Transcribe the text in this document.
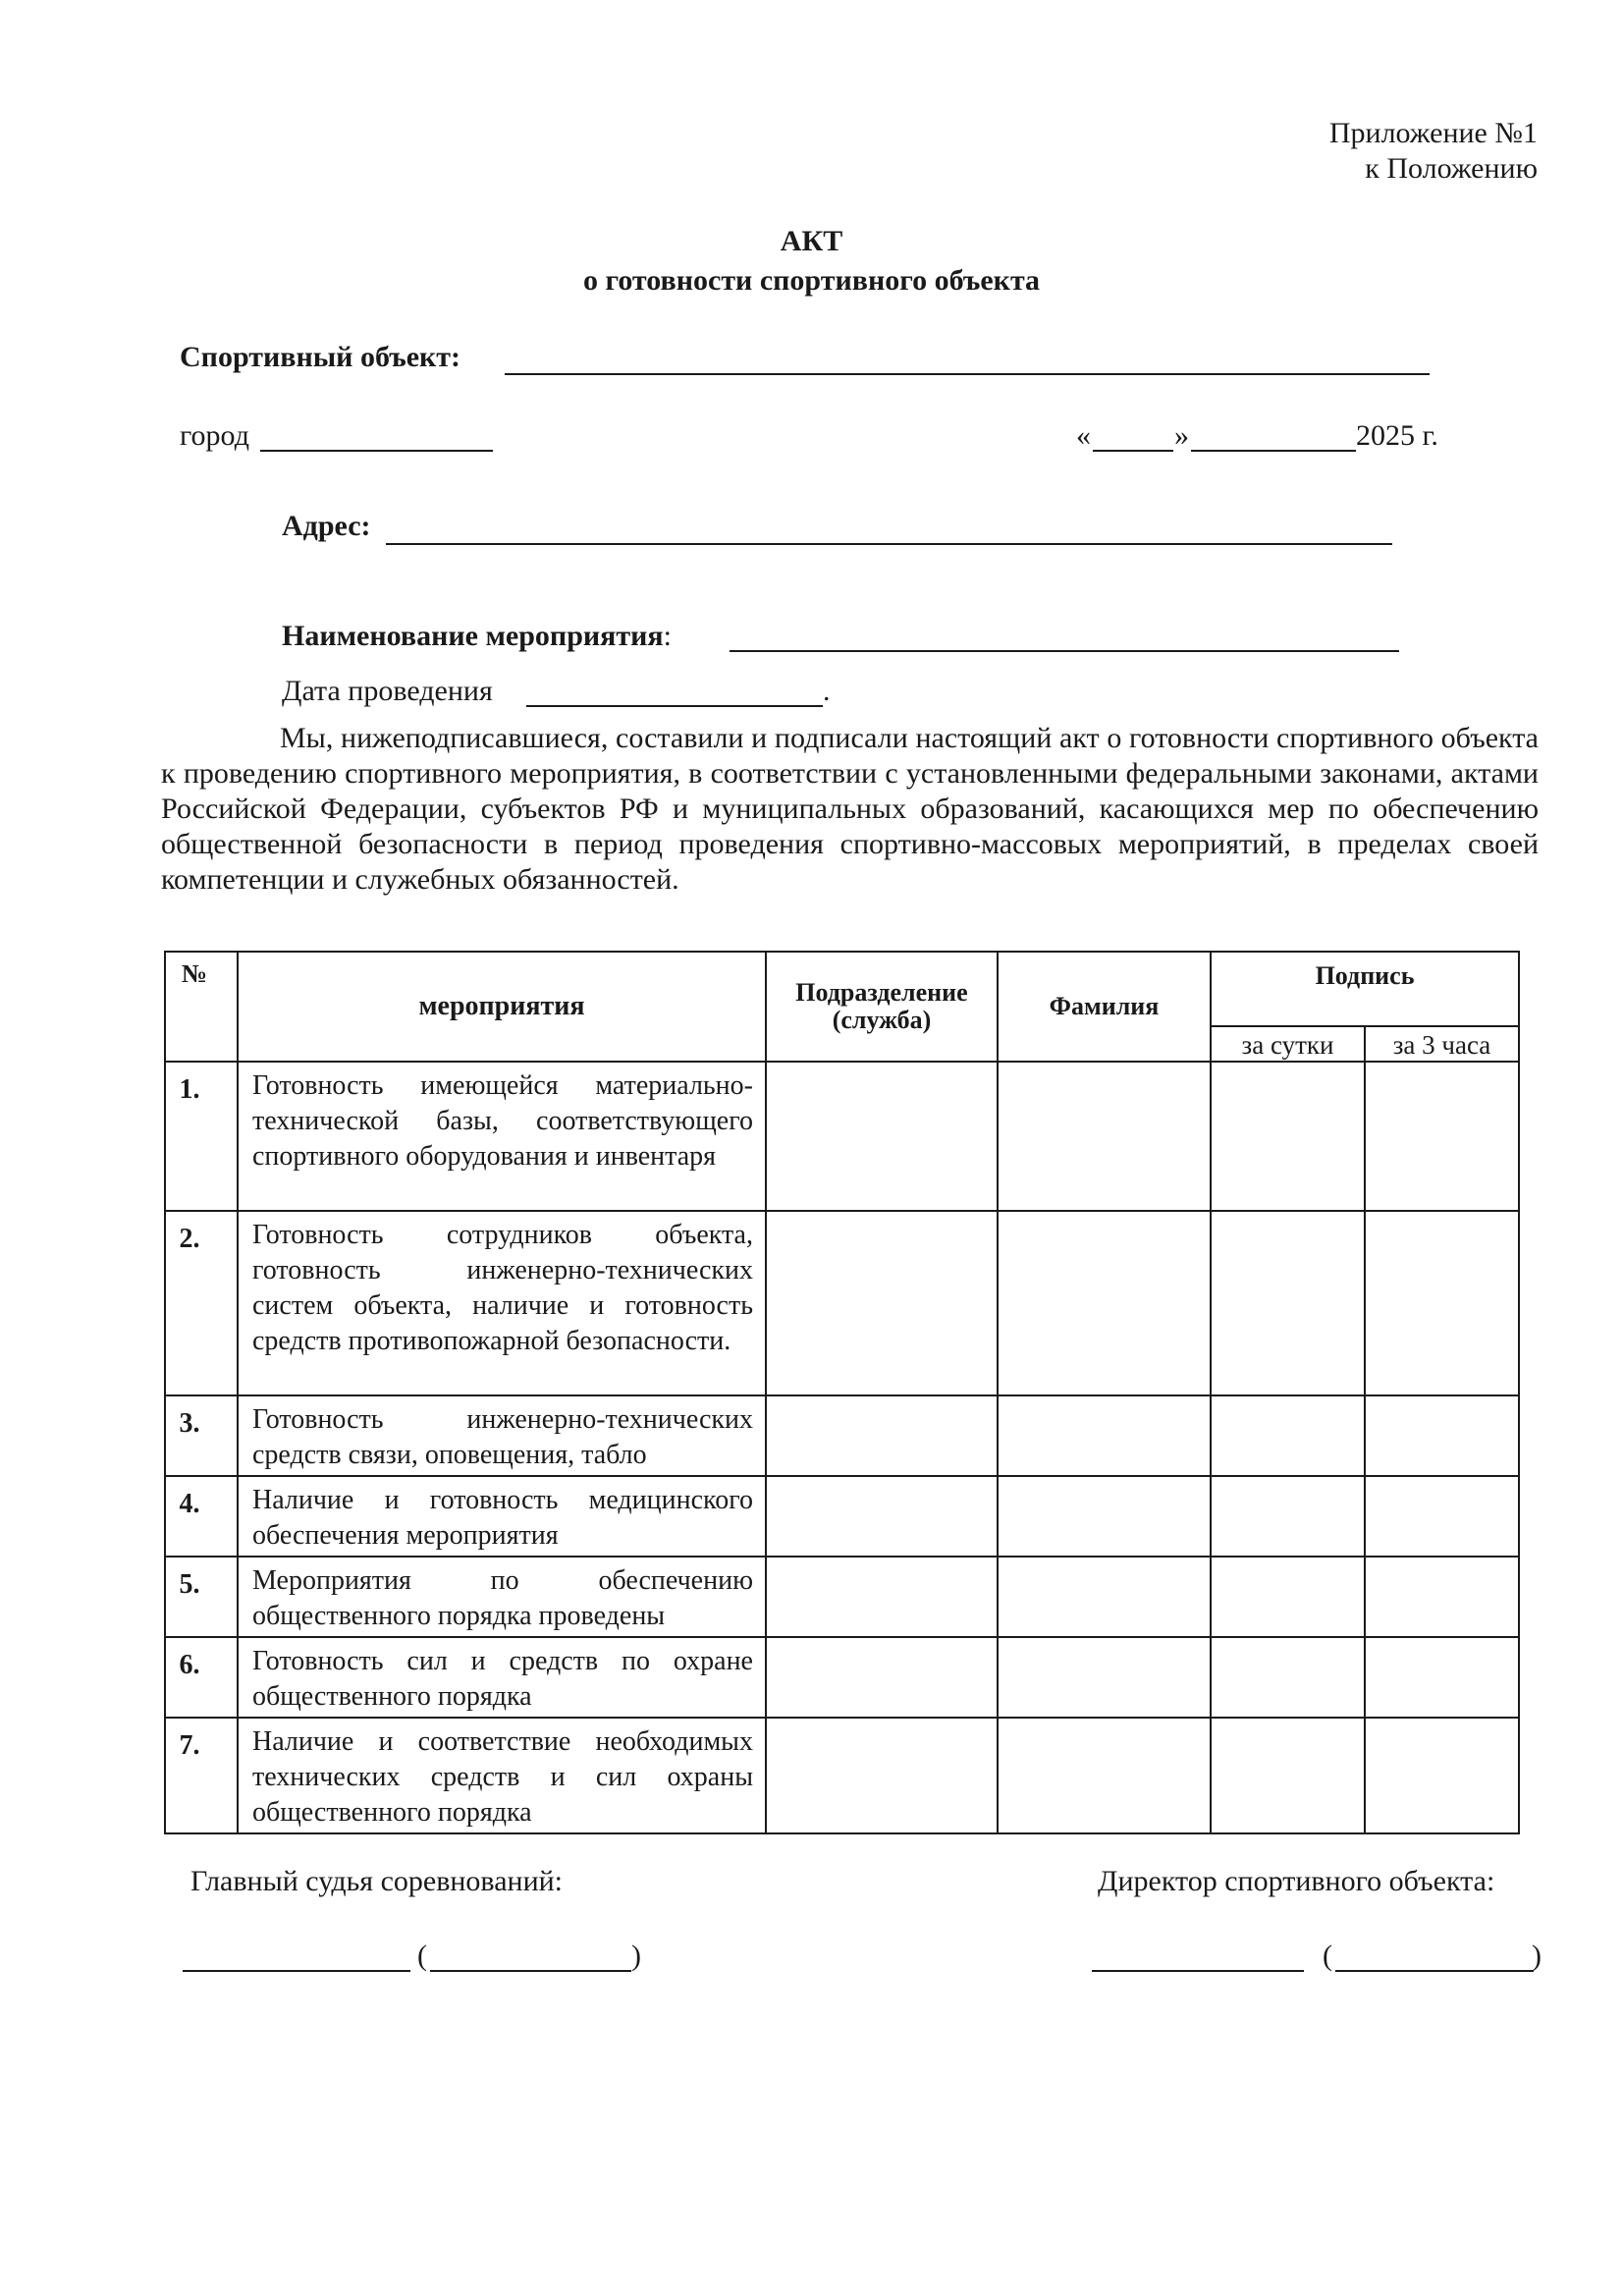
Приложение №1
к Положению
АКТ
о готовности спортивного объекта
Спортивный объект:
город	«	»	2025 г.
Адрес:
Наименование мероприятия:
Дата проведения	.
Мы, нижеподписавшиеся, составили и подписали настоящий акт о готовности спортивного объекта к проведению спортивного мероприятия, в соответствии с установленными федеральными законами, актами Российской Федерации, субъектов РФ и муниципальных образований, касающихся мер по обеспечению общественной безопасности в период проведения спортивно-массовых мероприятий, в пределах своей компетенции и служебных обязанностей.
№	мероприятия	Подразделение (служба)	Фамилия	Подпись	
				за сутки	за 3 часа
1.	Готовность имеющейся материально-технической базы, соответствующего спортивного оборудования и инвентаря				
2.	Готовность сотрудников объекта, готовность инженерно-технических систем объекта, наличие и готовность средств противопожарной безопасности.				
3.	Готовность инженерно-технических средств связи, оповещения, табло				
4.	Наличие и готовность медицинского обеспечения мероприятия				
5.	Мероприятия по обеспечению общественного порядка проведены				
6.	Готовность сил и средств по охране общественного порядка				
7.	Наличие и соответствие необходимых технических средств и сил охраны общественного порядка				
Главный судья соревнований:	Директор спортивного объекта:
(	)	(	)
